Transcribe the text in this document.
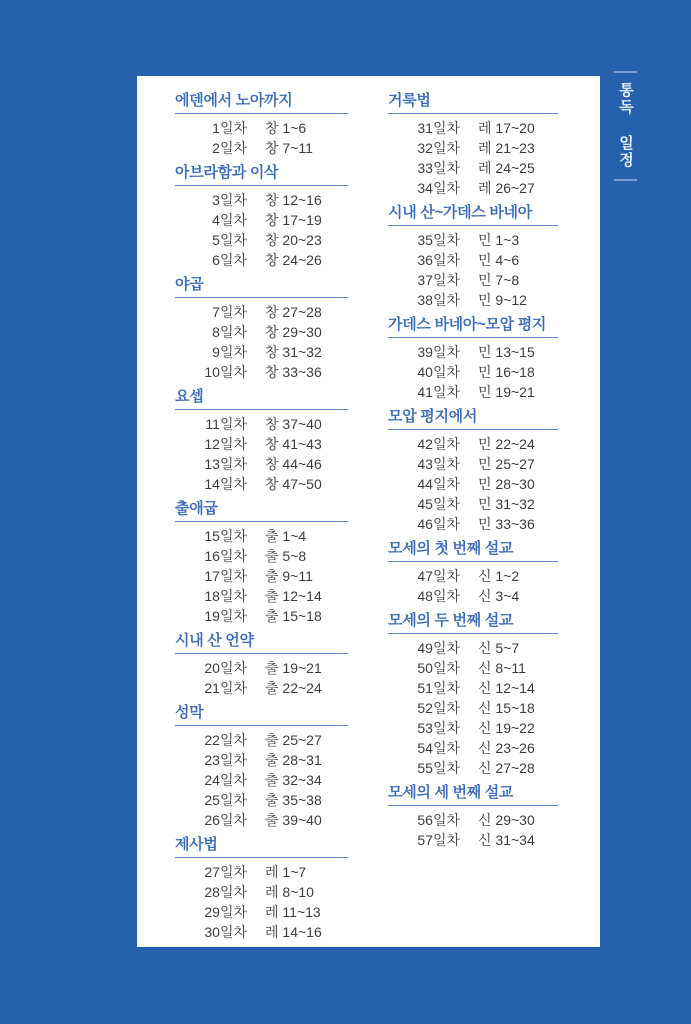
에덴에서 노아까지
1일차 창 1~6
2일차 창 7~11
아브라함과 이삭
3일차 창 12~16
4일차 창 17~19
5일차 창 20~23
6일차 창 24~26
야곱
7일차 창 27~28
8일차 창 29~30
9일차 창 31~32
10일차 창 33~36
요셉
11일차 창 37~40
12일차 창 41~43
13일차 창 44~46
14일차 창 47~50
출애굽
15일차 출 1~4
16일차 출 5~8
17일차 출 9~11
18일차 출 12~14
19일차 출 15~18
시내 산 언약
20일차 출 19~21
21일차 출 22~24
성막
22일차 출 25~27
23일차 출 28~31
24일차 출 32~34
25일차 출 35~38
26일차 출 39~40
제사법
27일차 레 1~7
28일차 레 8~10
29일차 레 11~13
30일차 레 14~16
거룩법
31일차 레 17~20
32일차 레 21~23
33일차 레 24~25
34일차 레 26~27
시내 산~가데스 바네아
35일차 민 1~3
36일차 민 4~6
37일차 민 7~8
38일차 민 9~12
가데스 바네아~모압 평지
39일차 민 13~15
40일차 민 16~18
41일차 민 19~21
모압 평지에서
42일차 민 22~24
43일차 민 25~27
44일차 민 28~30
45일차 민 31~32
46일차 민 33~36
모세의 첫 번째 설교
47일차 신 1~2
48일차 신 3~4
모세의 두 번째 설교
49일차 신 5~7
50일차 신 8~11
51일차 신 12~14
52일차 신 15~18
53일차 신 19~22
54일차 신 23~26
55일차 신 27~28
모세의 세 번째 설교
56일차 신 29~30
57일차 신 31~34
통독 일정
